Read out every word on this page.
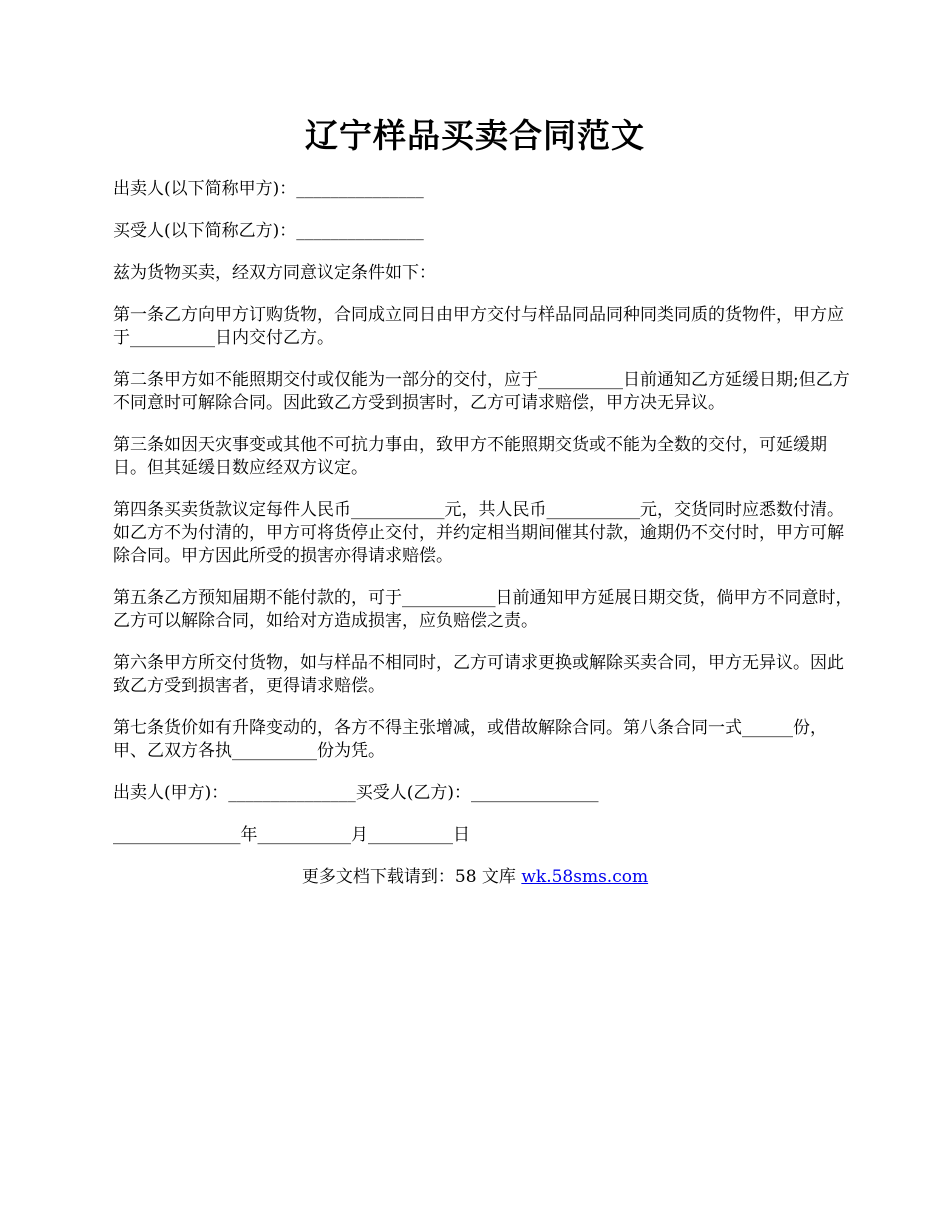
辽宁样品买卖合同范文

出卖人(以下简称甲方)：_______________

买受人(以下简称乙方)：_______________

兹为货物买卖，经双方同意议定条件如下：

第一条乙方向甲方订购货物，合同成立同日由甲方交付与样品同品同种同类同质的货物件，甲方应于__________日内交付乙方。

第二条甲方如不能照期交付或仅能为一部分的交付，应于__________日前通知乙方延缓日期;但乙方不同意时可解除合同。因此致乙方受到损害时，乙方可请求赔偿，甲方决无异议。

第三条如因天灾事变或其他不可抗力事由，致甲方不能照期交货或不能为全数的交付，可延缓期日。但其延缓日数应经双方议定。

第四条买卖货款议定每件人民币___________元，共人民币___________元，交货同时应悉数付清。如乙方不为付清的，甲方可将货停止交付，并约定相当期间催其付款，逾期仍不交付时，甲方可解除合同。甲方因此所受的损害亦得请求赔偿。

第五条乙方预知届期不能付款的，可于___________日前通知甲方延展日期交货，倘甲方不同意时，乙方可以解除合同，如给对方造成损害，应负赔偿之责。

第六条甲方所交付货物，如与样品不相同时，乙方可请求更换或解除买卖合同，甲方无异议。因此致乙方受到损害者，更得请求赔偿。

第七条货价如有升降变动的，各方不得主张增减，或借故解除合同。第八条合同一式______份，甲、乙双方各执__________份为凭。

出卖人(甲方)：_______________买受人(乙方)：_______________

_______________年___________月__________日

更多文档下载请到：58 文库 wk.58sms.com
